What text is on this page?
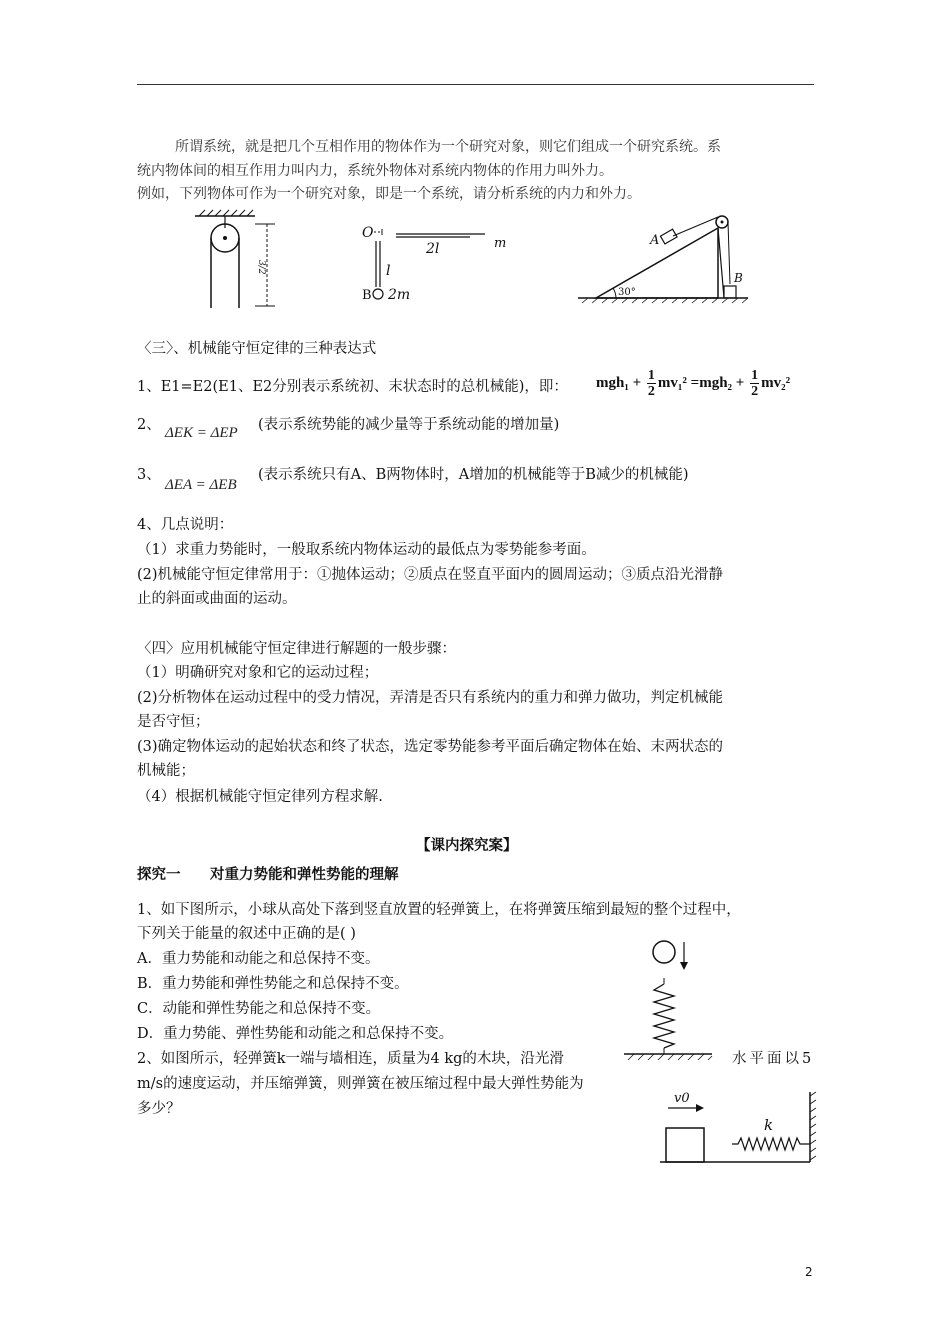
所谓系统，就是把几个互相作用的物体作为一个研究对象，则它们组成一个研究系统。系
统内物体间的相互作用力叫内力，系统外物体对系统内物体的作用力叫外力。
例如，下列物体可作为一个研究对象，即是一个系统，请分析系统的内力和外力。
3/2
O
2l	m
l
B 2m
A
B
30°
〈三〉、机械能守恒定律的三种表达式
1、E1=E2(E1、E2分别表示系统初、末状态时的总机械能)，即： $mgh_1 + \frac{1}{2} mv_1^2 =mgh_2 + \frac{1}{2} mv_2^2$
2、 ΔEK = ΔEP (表示系统势能的减少量等于系统动能的增加量)
3、
ΔEA = ΔEB
(表示系统只有A、B两物体时，A增加的机械能等于B减少的机械能)
4、几点说明：
（1）求重力势能时，一般取系统内物体运动的最低点为零势能参考面。
(2)机械能守恒定律常用于：①抛体运动；②质点在竖直平面内的圆周运动；③质点沿光滑静
止的斜面或曲面的运动。
〈四〉应用机械能守恒定律进行解题的一般步骤：
（1）明确研究对象和它的运动过程；
(2)分析物体在运动过程中的受力情况，弄清是否只有系统内的重力和弹力做功，判定机械能
是否守恒；
(3)确定物体运动的起始状态和终了状态，选定零势能参考平面后确定物体在始、末两状态的
机械能；
（4）根据机械能守恒定律列方程求解.
【课内探究案】
探究一 对重力势能和弹性势能的理解
1、如下图所示，小球从高处下落到竖直放置的轻弹簧上，在将弹簧压缩到最短的整个过程中，
下列关于能量的叙述中正确的是( )
A．重力势能和动能之和总保持不变。
B．重力势能和弹性势能之和总保持不变。
C．动能和弹性势能之和总保持不变。
D．重力势能、弹性势能和动能之和总保持不变。
2、如图所示，轻弹簧k一端与墙相连，质量为4 kg的木块，沿光滑	水平面以5
m/s的速度运动，并压缩弹簧，则弹簧在被压缩过程中最大弹性势能为
多少？
v0
k
2
